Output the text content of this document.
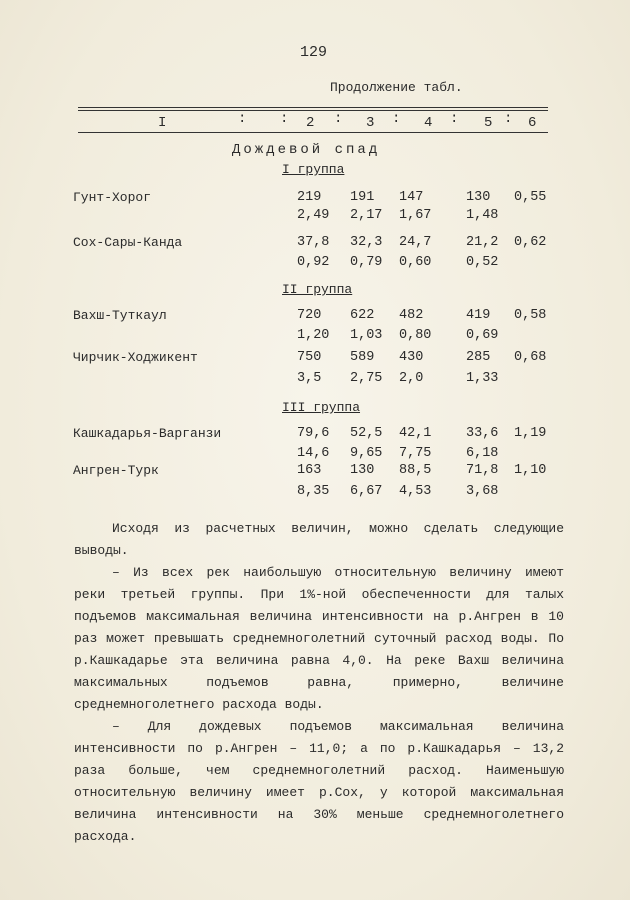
129
Продолжение табл.
I	: : 2 : 3 : 4 : 5 : 6
Дождевой спад
I группа
Гунт-Хорог	219 191 147	130 0,55
2,49 2,17 1,67	1,48
Сох-Сары-Канда	37,8 32,3 24,7	21,2 0,62
0,92 0,79 0,60	0,52
II группа
Вахш-Туткаул	720 622 482	419 0,58
1,20 1,03 0,80	0,69
Чирчик-Ходжикент	750 589 430	285 0,68
3,5 2,75 2,0	1,33
III группа
Кашкадарья-Варганзи	79,6 52,5 42,1	33,6 1,19
14,6 9,65 7,75	6,18
Ангрен-Турк	163 130 88,5	71,8 1,10
8,35 6,67 4,53	3,68

Исходя из расчетных величин, можно сделать следующие выводы.

– Из всех рек наибольшую относительную величину имеют реки третьей группы. При 1%-ной обеспеченности для талых подъемов максимальная величина интенсивности на р.Ангрен в 10 раз может превышать среднемноголетний суточный расход воды. По р.Кашкадарье эта величина равна 4,0. На реке Вахш величина максимальных подъемов равна, примерно, величине среднемноголетнего расхода воды.

– Для дождевых подъемов максимальная величина интенсивности по р.Ангрен – 11,0; а по р.Кашкадарья – 13,2 раза больше, чем среднемноголетний расход. Наименьшую относительную величину имеет р.Сох, у которой максимальная величина интенсивности на 30% меньше среднемноголетнего расхода.
